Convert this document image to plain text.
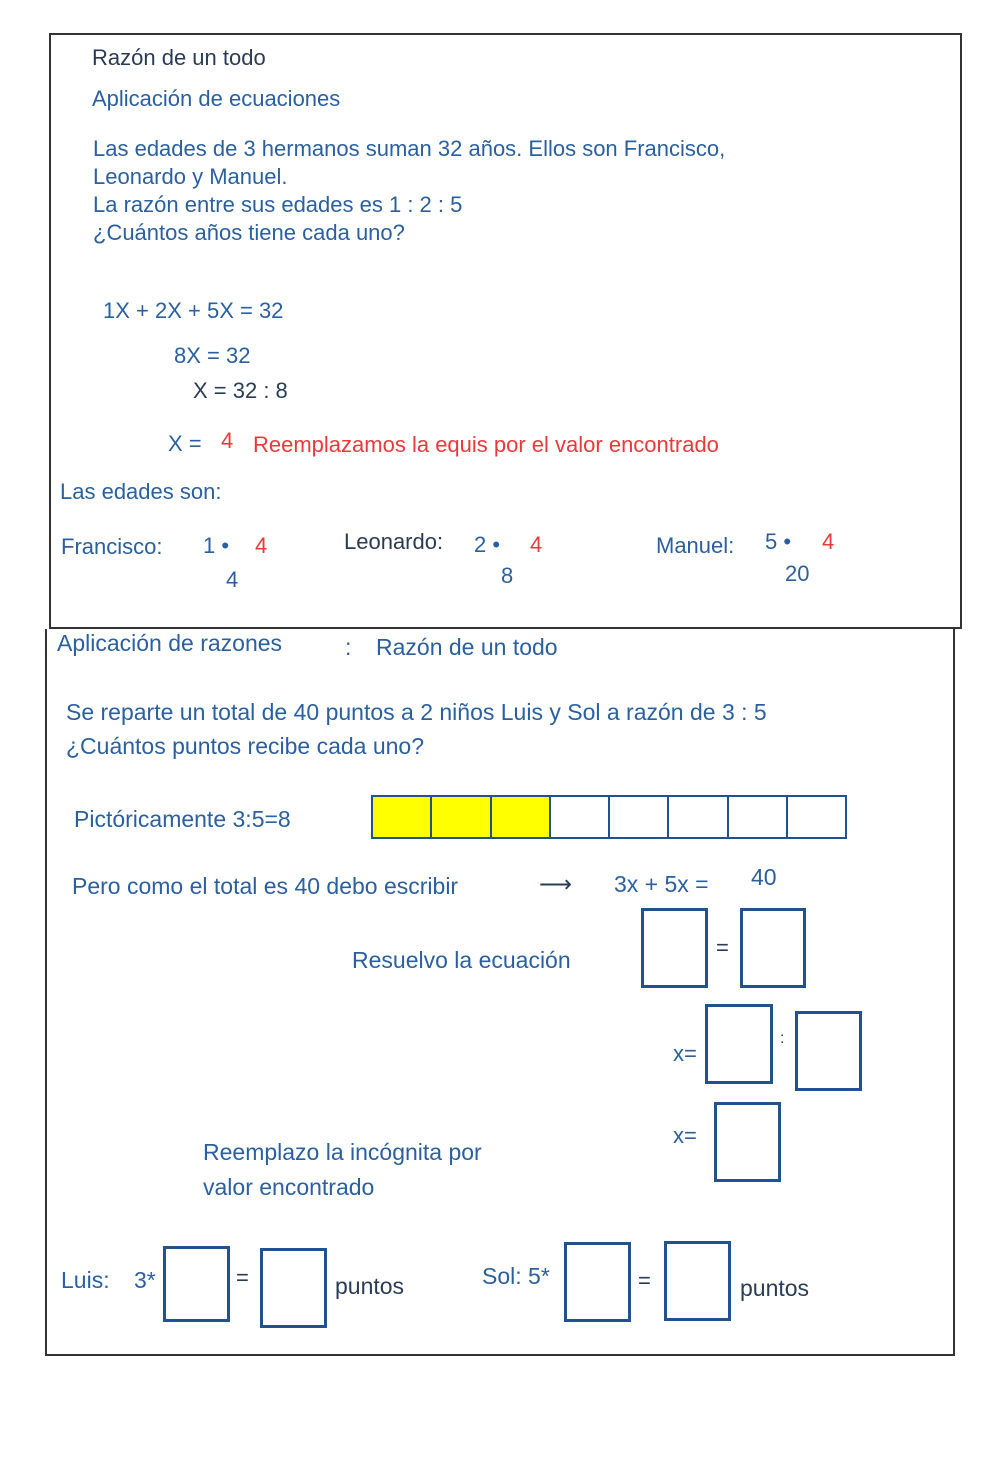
Razón de un todo
Aplicación de ecuaciones
Las edades de 3 hermanos suman 32 años. Ellos son Francisco,
Leonardo y Manuel.
La razón entre sus edades es 1 : 2 : 5
¿Cuántos años tiene cada uno?
1X + 2X + 5X = 32
8X = 32
X = 32 : 8
X = 4 Reemplazamos la equis por el valor encontrado
Las edades son:
Francisco: 1 • 4
4
Leonardo: 2 • 4
8
Manuel: 5 • 4
20
Aplicación de razones	: Razón de un todo
Se reparte un total de 40 puntos a 2 niños Luis y Sol a razón de 3 : 5
¿Cuántos puntos recibe cada uno?
Pictóricamente 3:5=8
Pero como el total es 40 debo escribir	⟶ 3x + 5x = 40
Resuelvo la ecuación	=
x=
:
x=
Reemplazo la incógnita por
valor encontrado
Luis: 3*	=	puntos	Sol: 5*	=	puntos
